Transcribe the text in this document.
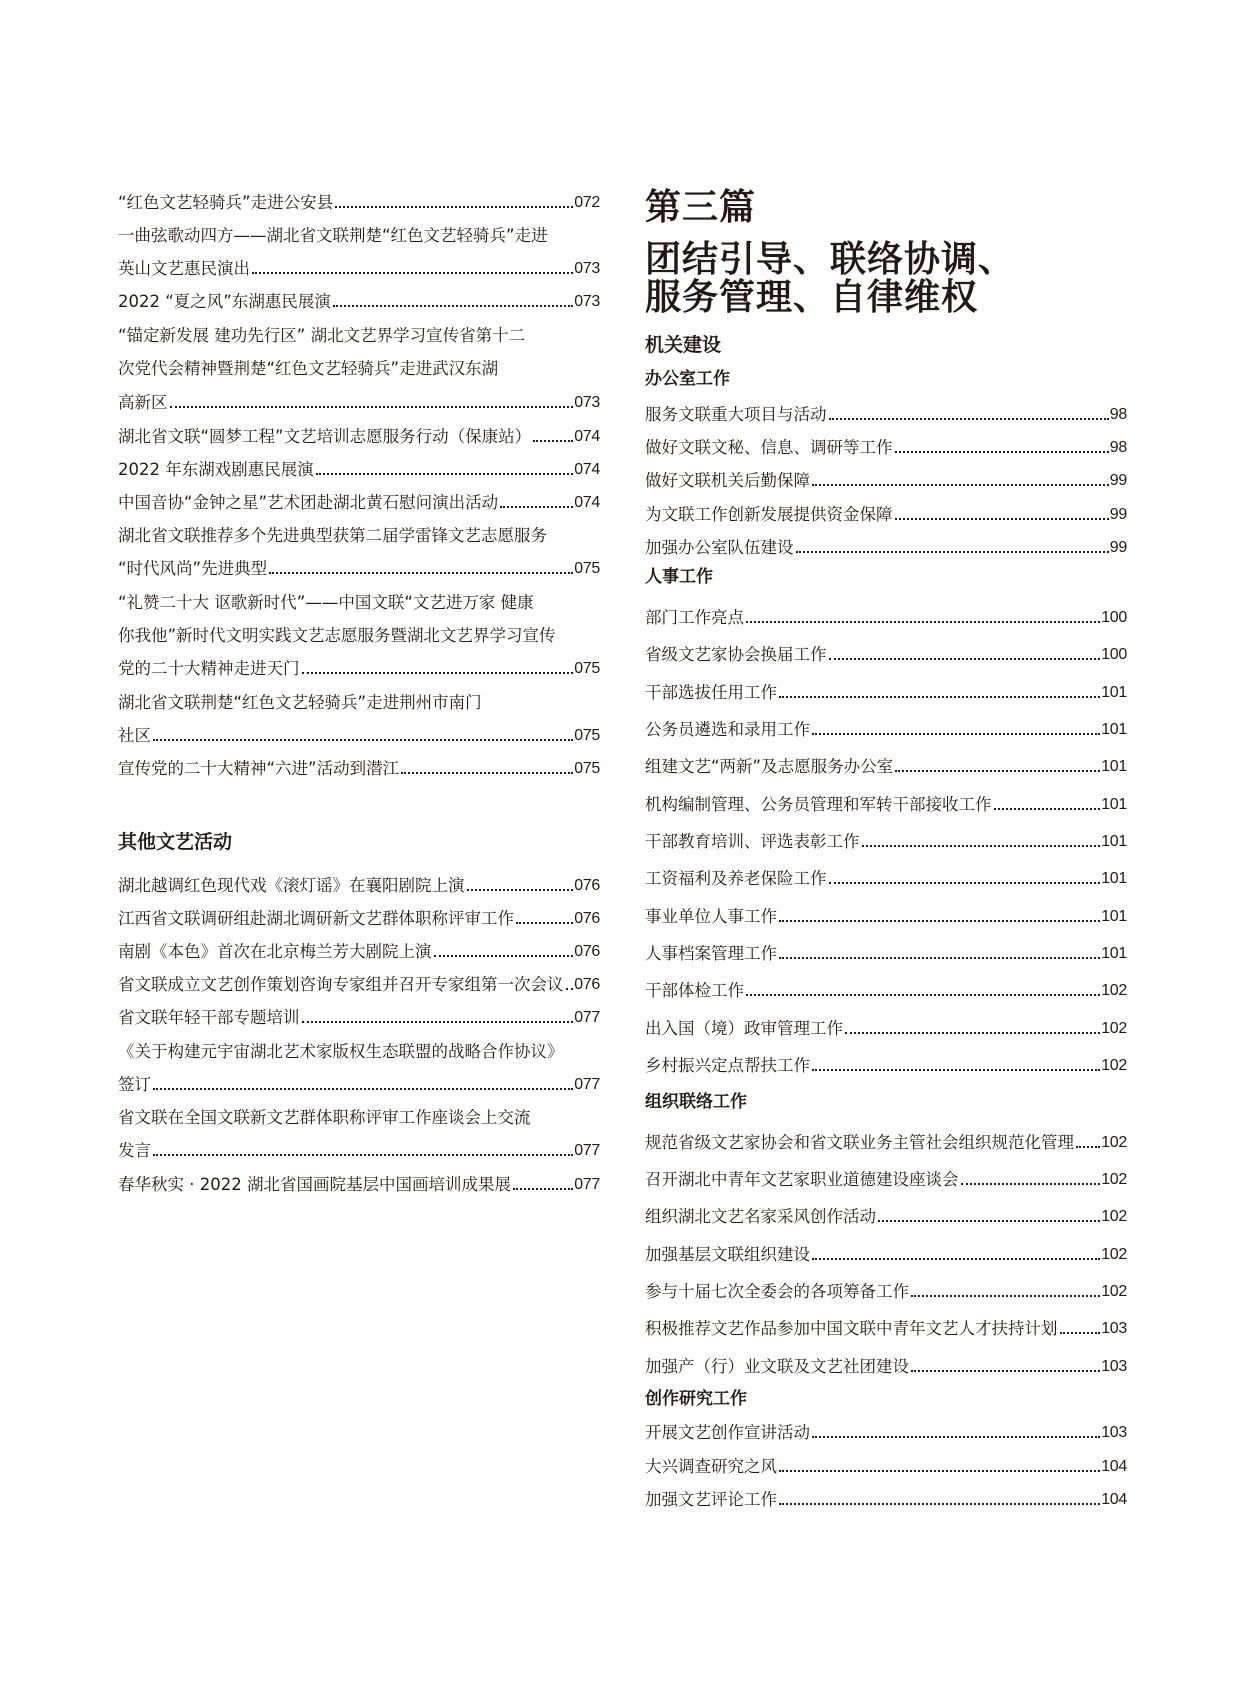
“红色文艺轻骑兵”走进公安县	072
一曲弦歌动四方——湖北省文联荆楚“红色文艺轻骑兵”走进
英山文艺惠民演出	073
2022 “夏之风”东湖惠民展演	073
“锚定新发展 建功先行区” 湖北文艺界学习宣传省第十二
次党代会精神暨荆楚“红色文艺轻骑兵”走进武汉东湖
高新区	073
湖北省文联“圆梦工程”文艺培训志愿服务行动（保康站）	074
2022 年东湖戏剧惠民展演	074
中国音协“金钟之星”艺术团赴湖北黄石慰问演出活动	074
湖北省文联推荐多个先进典型获第二届学雷锋文艺志愿服务
“时代风尚”先进典型	075
“礼赞二十大 讴歌新时代”——中国文联“文艺进万家 健康
你我他”新时代文明实践文艺志愿服务暨湖北文艺界学习宣传
党的二十大精神走进天门	075
湖北省文联荆楚“红色文艺轻骑兵”走进荆州市南门
社区	075
宣传党的二十大精神“六进”活动到潜江	075
其他文艺活动
湖北越调红色现代戏《滚灯谣》在襄阳剧院上演	076
江西省文联调研组赴湖北调研新文艺群体职称评审工作	076
南剧《本色》首次在北京梅兰芳大剧院上演	076
省文联成立文艺创作策划咨询专家组并召开专家组第一次会议 076
省文联年轻干部专题培训	077
《关于构建元宇宙湖北艺术家版权生态联盟的战略合作协议》
签订	077
省文联在全国文联新文艺群体职称评审工作座谈会上交流
发言	077
春华秋实 · 2022 湖北省国画院基层中国画培训成果展	077
第三篇
团结引导、联络协调、
服务管理、自律维权
机关建设
办公室工作
服务文联重大项目与活动	98
做好文联文秘、信息、调研等工作	98
做好文联机关后勤保障	99
为文联工作创新发展提供资金保障	99
加强办公室队伍建设	99
人事工作
部门工作亮点	100
省级文艺家协会换届工作	100
干部选拔任用工作	101
公务员遴选和录用工作	101
组建文艺“两新”及志愿服务办公室	101
机构编制管理、公务员管理和军转干部接收工作	101
干部教育培训、评选表彰工作	101
工资福利及养老保险工作	101
事业单位人事工作	101
人事档案管理工作	101
干部体检工作	102
出入国（境）政审管理工作	102
乡村振兴定点帮扶工作	102
组织联络工作
规范省级文艺家协会和省文联业务主管社会组织规范化管理 102
召开湖北中青年文艺家职业道德建设座谈会	102
组织湖北文艺名家采风创作活动	102
加强基层文联组织建设	102
参与十届七次全委会的各项筹备工作	102
积极推荐文艺作品参加中国文联中青年文艺人才扶持计划	103
加强产（行）业文联及文艺社团建设	103
创作研究工作
开展文艺创作宣讲活动	103
大兴调查研究之风	104
加强文艺评论工作	104
